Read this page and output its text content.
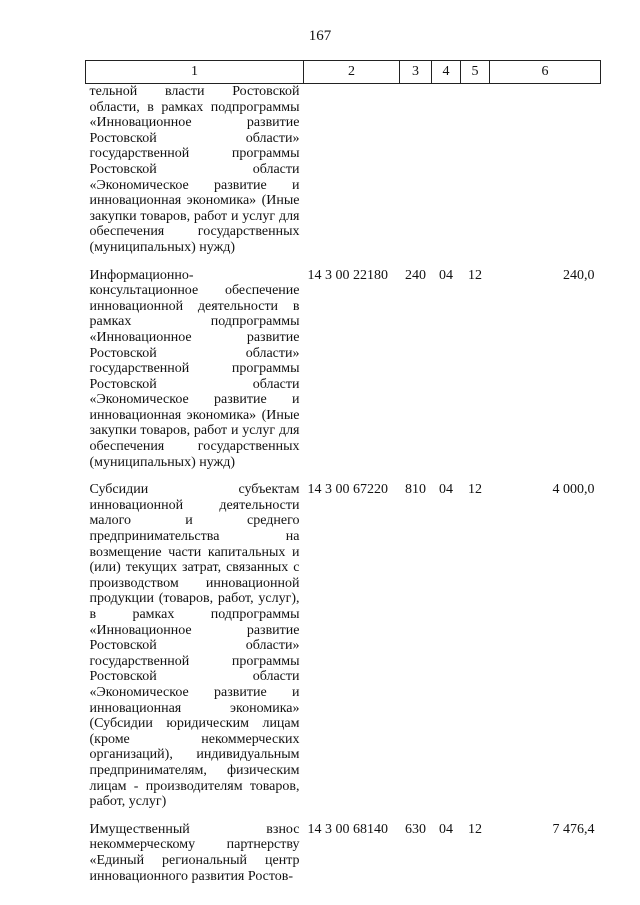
167
1	2	3	4	5	6
тельной власти Ростовской области, в рамках подпрограммы «Инновационное развитие Ростовской области» государственной программы Ростовской области «Экономическое развитие и инновационная экономика» (Иные закупки товаров, работ и услуг для обеспечения государственных (муниципальных) нужд)					
Информационно-консультационное обеспечение инновационной деятельности в рамках подпрограммы «Инновационное развитие Ростовской области» государственной программы Ростовской области «Экономическое развитие и инновационная экономика» (Иные закупки товаров, работ и услуг для обеспечения государственных (муниципальных) нужд)	14 3 00 22180	240	04	12	240,0
Субсидии субъектам инновационной деятельности малого и среднего предпринимательства на возмещение части капитальных и (или) текущих затрат, связанных с производством инновационной продукции (товаров, работ, услуг), в рамках подпрограммы «Инновационное развитие Ростовской области» государственной программы Ростовской области «Экономическое развитие и инновационная экономика» (Субсидии юридическим лицам (кроме некоммерческих организаций), индивидуальным предпринимателям, физическим лицам - производителям товаров, работ, услуг)	14 3 00 67220	810	04	12	4 000,0
Имущественный взнос некоммерческому партнерству «Единый региональный центр инновационного развития Ростов-	14 3 00 68140	630	04	12	7 476,4
